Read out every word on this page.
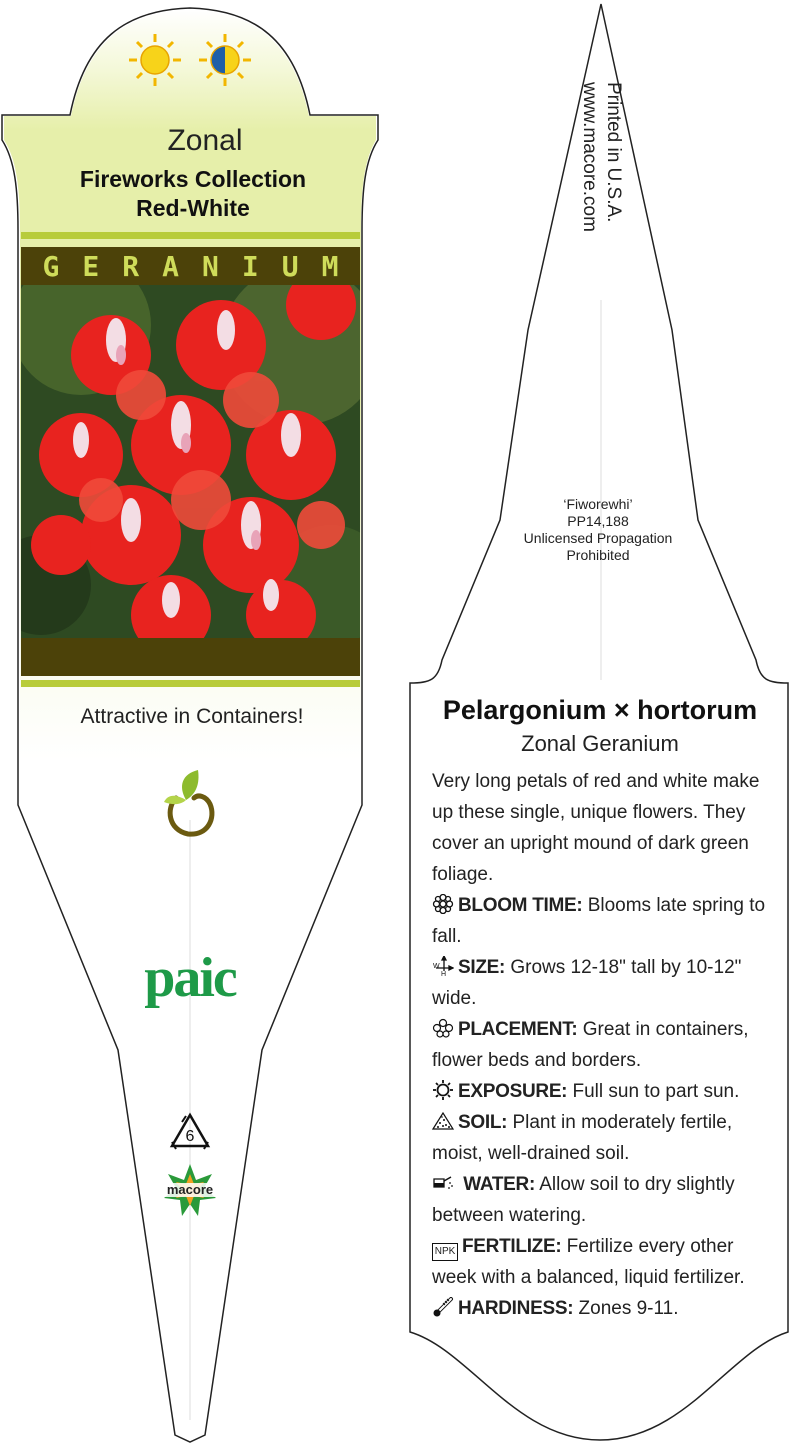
Zonal
Fireworks Collection
Red-White
G E R A N I U M
Attractive in Containers!
paic
6
macore
Printed in U.S.A.
www.macore.com
‘Fiworewhi’
PP14,188
Unlicensed Propagation
Prohibited
Pelargonium × hortorum
Zonal Geranium

Very long petals of red and white make up these single, unique flowers. They cover an upright mound of dark green foliage.

BLOOM TIME: Blooms late spring to fall.

W
H SIZE: Grows 12-18" tall by 10-12" wide.

PLACEMENT: Great in containers, flower beds and borders.

EXPOSURE: Full sun to part sun.

SOIL: Plant in moderately fertile, moist, well-drained soil.

WATER: Allow soil to dry slightly between watering.

NPK FERTILIZE: Fertilize every other week with a balanced, liquid fertilizer.

HARDINESS: Zones 9-11.
